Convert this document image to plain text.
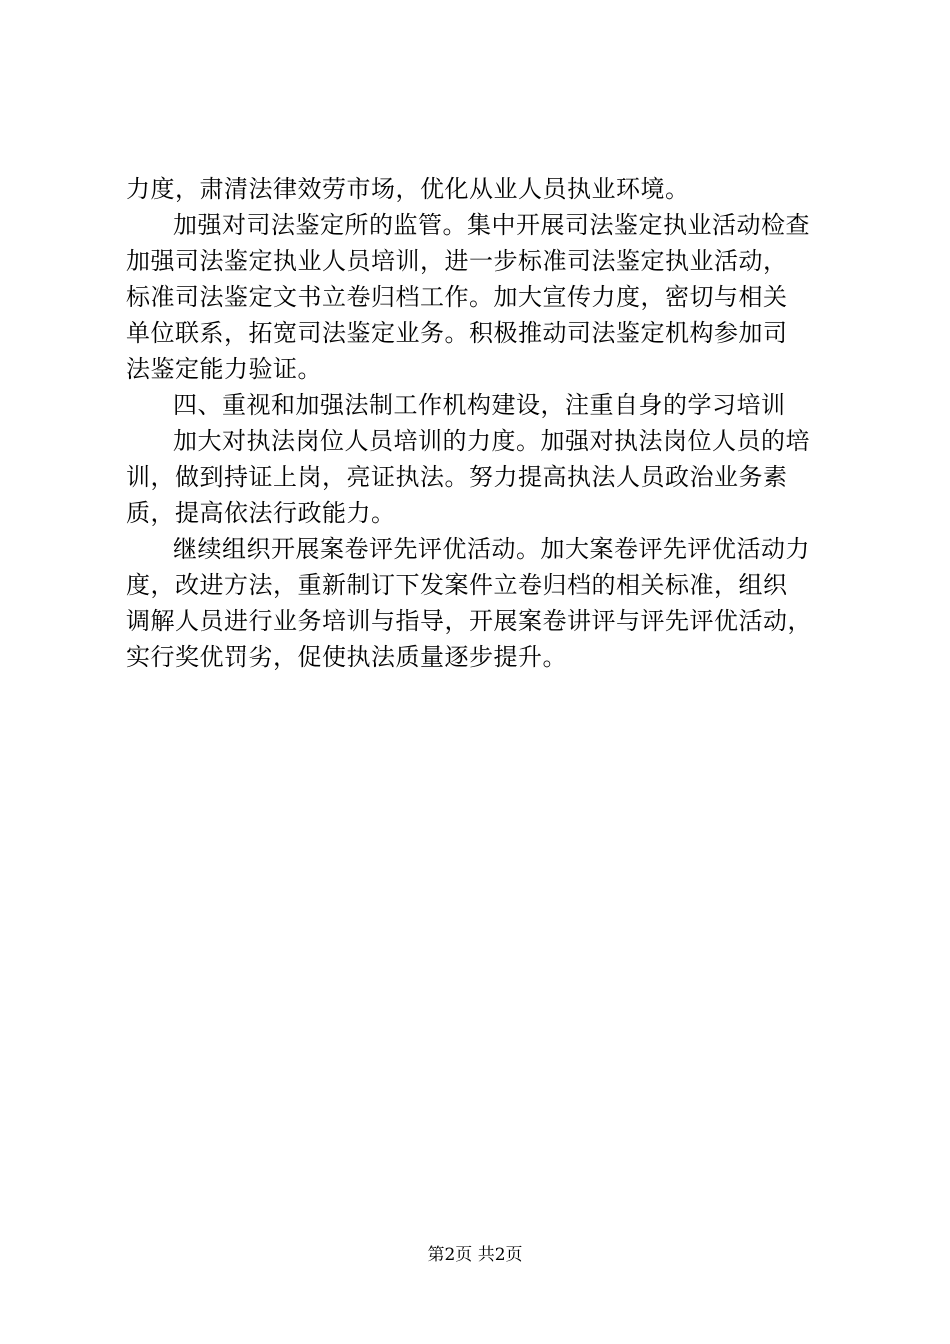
力度，肃清法律效劳市场，优化从业人员执业环境。
加强对司法鉴定所的监管。集中开展司法鉴定执业活动检查
加强司法鉴定执业人员培训，进一步标准司法鉴定执业活动，
标准司法鉴定文书立卷归档工作。加大宣传力度，密切与相关
单位联系，拓宽司法鉴定业务。积极推动司法鉴定机构参加司
法鉴定能力验证。
四、重视和加强法制工作机构建设，注重自身的学习培训
加大对执法岗位人员培训的力度。加强对执法岗位人员的培
训，做到持证上岗，亮证执法。努力提高执法人员政治业务素
质，提高依法行政能力。
继续组织开展案卷评先评优活动。加大案卷评先评优活动力
度，改进方法，重新制订下发案件立卷归档的相关标准，组织
调解人员进行业务培训与指导，开展案卷讲评与评先评优活动，
实行奖优罚劣，促使执法质量逐步提升。
第2页 共2页
